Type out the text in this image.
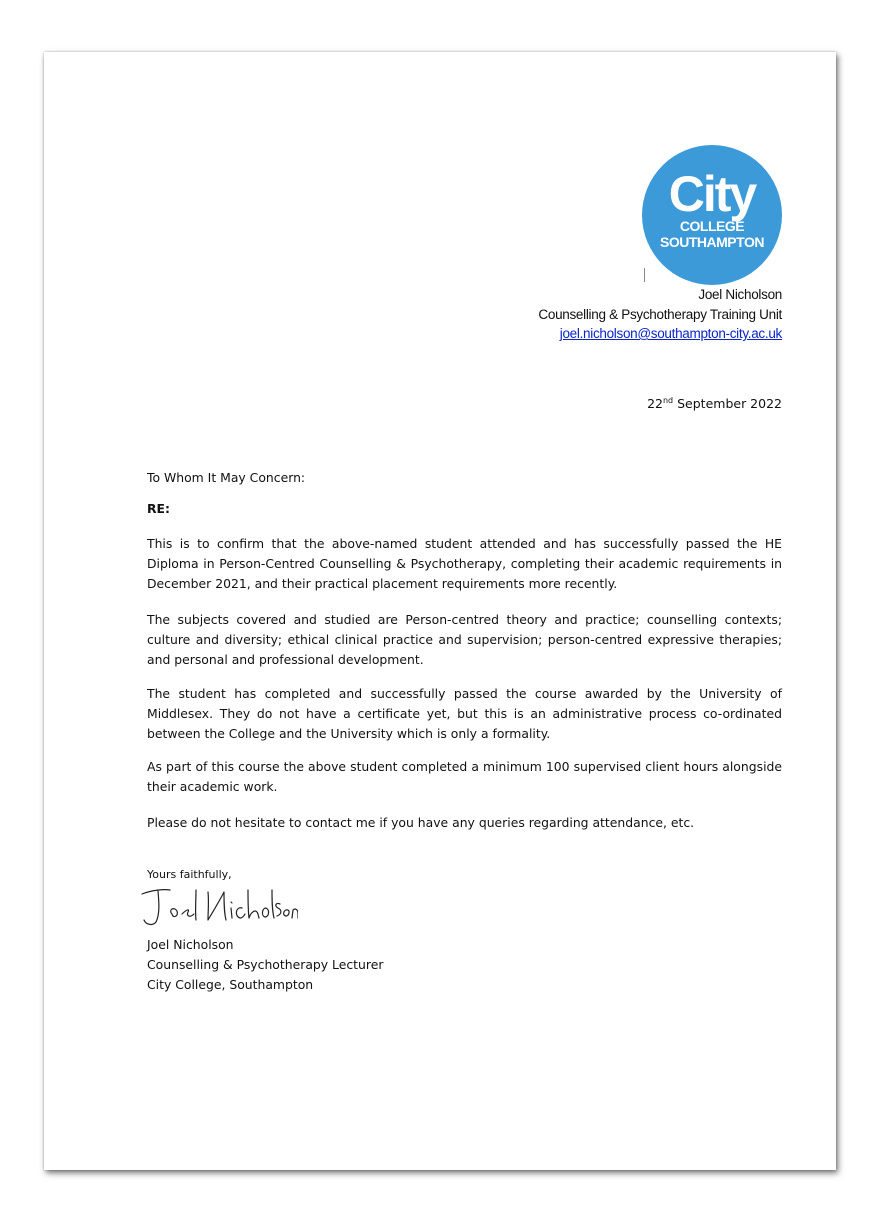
City
COLLEGE
SOUTHAMPTON
Joel Nicholson
Counselling & Psychotherapy Training Unit
joel.nicholson@southampton-city.ac.uk
22nd September 2022

To Whom It May Concern:

RE:

This is to confirm that the above-named student attended and has successfully passed the HE Diploma in Person-Centred Counselling & Psychotherapy, completing their academic requirements in December 2021, and their practical placement requirements more recently.

The subjects covered and studied are Person-centred theory and practice; counselling contexts; culture and diversity; ethical clinical practice and supervision; person-centred expressive therapies; and personal and professional development.

The student has completed and successfully passed the course awarded by the University of Middlesex. They do not have a certificate yet, but this is an administrative process co-ordinated between the College and the University which is only a formality.

As part of this course the above student completed a minimum 100 supervised client hours alongside their academic work.

Please do not hesitate to contact me if you have any queries regarding attendance, etc.

Yours faithfully,
Joel Nicholson
Counselling & Psychotherapy Lecturer
City College, Southampton
